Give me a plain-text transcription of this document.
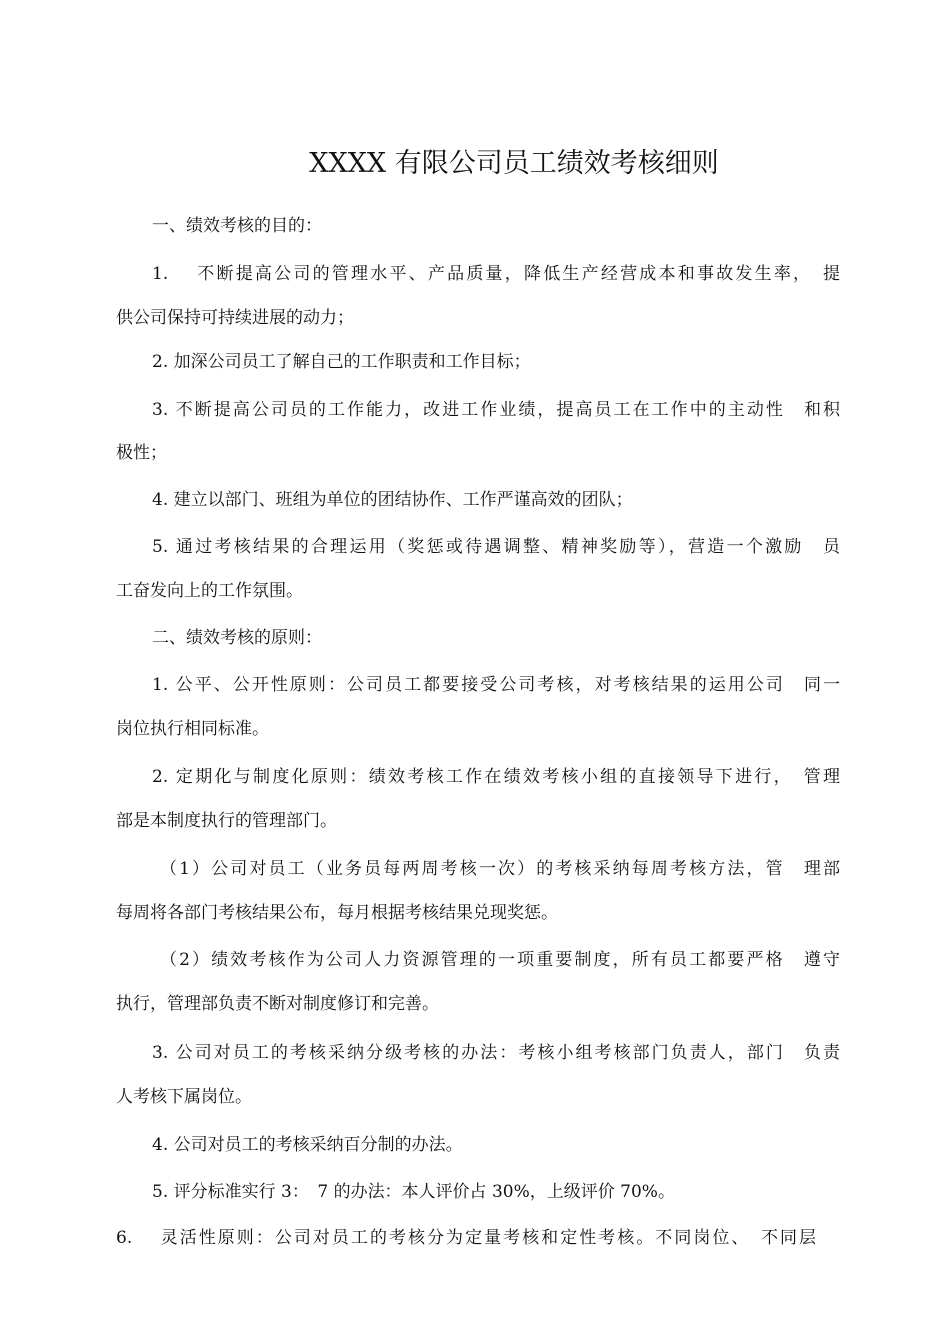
XXXX 有限公司员工绩效考核细则
一、绩效考核的目的：
1.　 不断提高公司的管理水平、产品质量，降低生产经营成本和事故发生率，　提
供公司保持可持续进展的动力；
2. 加深公司员工了解自己的工作职责和工作目标；
3. 不断提高公司员的工作能力，改进工作业绩，提高员工在工作中的主动性　和积
极性；
4. 建立以部门、班组为单位的团结协作、工作严谨高效的团队；
5. 通过考核结果的合理运用（奖惩或待遇调整、精神奖励等），营造一个激励　员
工奋发向上的工作氛围。
二、绩效考核的原则：
1. 公平、公开性原则：公司员工都要接受公司考核，对考核结果的运用公司　同一
岗位执行相同标准。
2. 定期化与制度化原则：绩效考核工作在绩效考核小组的直接领导下进行，　管理
部是本制度执行的管理部门。
（1）公司对员工（业务员每两周考核一次）的考核采纳每周考核方法，管　理部
每周将各部门考核结果公布，每月根据考核结果兑现奖惩。
（2）绩效考核作为公司人力资源管理的一项重要制度，所有员工都要严格　遵守
执行，管理部负责不断对制度修订和完善。
3. 公司对员工的考核采纳分级考核的办法：考核小组考核部门负责人，部门　负责
人考核下属岗位。
4. 公司对员工的考核采纳百分制的办法。
5. 评分标准实行 3：　7 的办法：本人评价占 30%，上级评价 70%。
6.　 灵活性原则：公司对员工的考核分为定量考核和定性考核。不同岗位、　不同层
